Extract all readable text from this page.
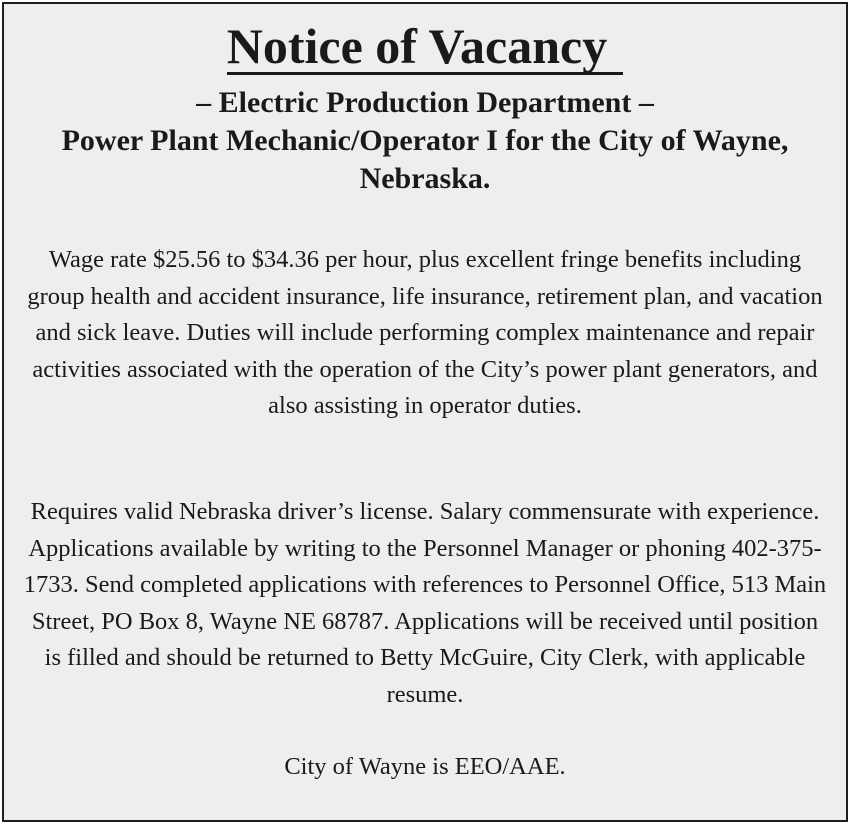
Notice of Vacancy
– Electric Production Department –
Power Plant Mechanic/Operator I for the City of Wayne, Nebraska.
Wage rate $25.56 to $34.36 per hour, plus excellent fringe benefits including group health and accident insurance, life insurance, retirement plan, and vacation and sick leave. Duties will include performing complex maintenance and repair activities associated with the operation of the City’s power plant generators, and also assisting in operator duties.
Requires valid Nebraska driver’s license. Salary commensurate with experience. Applications available by writing to the Personnel Manager or phoning 402-375-1733. Send completed applications with references to Personnel Office, 513 Main Street, PO Box 8, Wayne NE 68787. Applications will be received until position is filled and should be returned to Betty McGuire, City Clerk, with applicable resume.
City of Wayne is EEO/AAE.
